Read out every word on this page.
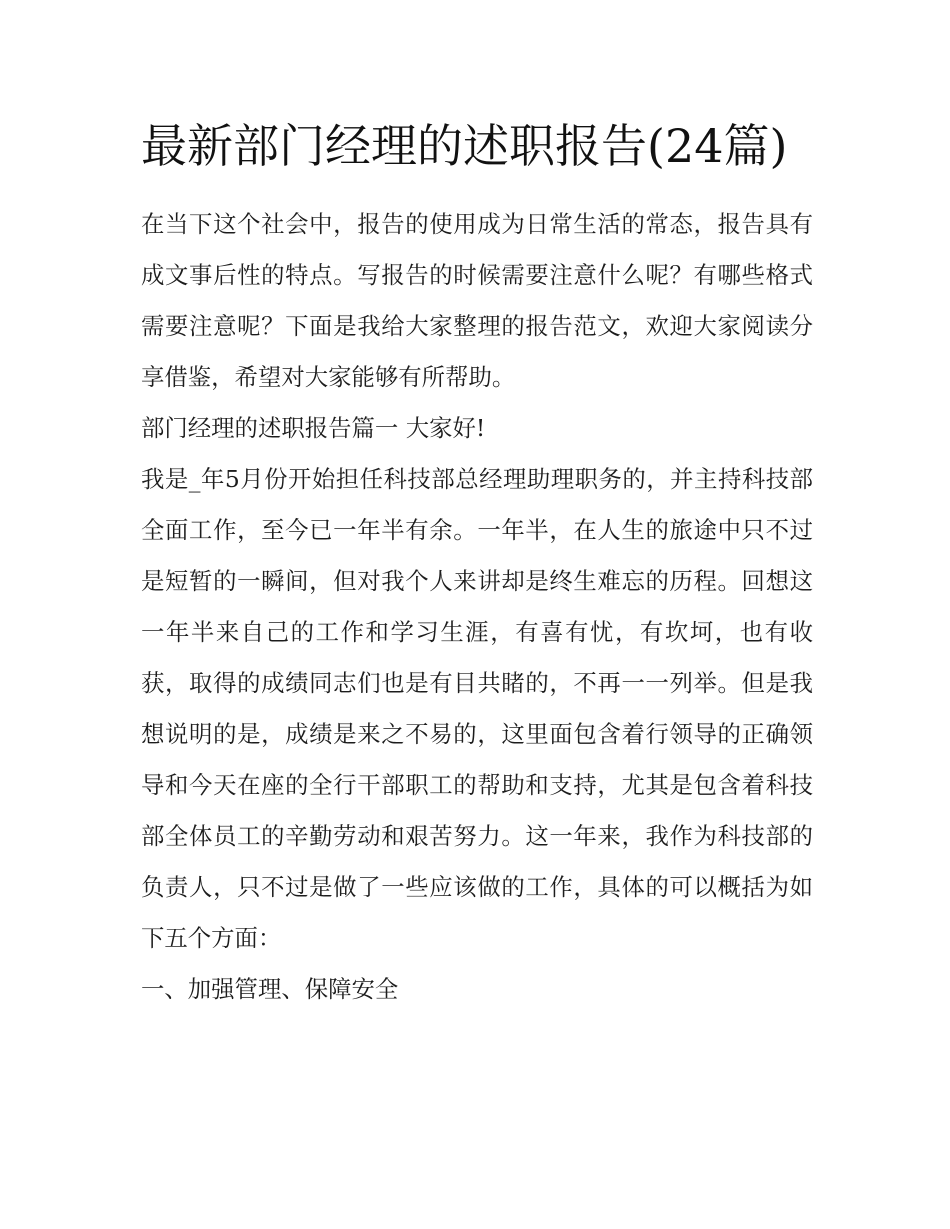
最新部门经理的述职报告(24篇)

在当下这个社会中，报告的使用成为日常生活的常态，报告具有成文事后性的特点。写报告的时候需要注意什么呢？有哪些格式需要注意呢？下面是我给大家整理的报告范文，欢迎大家阅读分享借鉴，希望对大家能够有所帮助。

部门经理的述职报告篇一 大家好!

我是_年5月份开始担任科技部总经理助理职务的，并主持科技部全面工作，至今已一年半有余。一年半，在人生的旅途中只不过是短暂的一瞬间，但对我个人来讲却是终生难忘的历程。回想这一年半来自己的工作和学习生涯，有喜有忧，有坎坷，也有收获，取得的成绩同志们也是有目共睹的，不再一一列举。但是我想说明的是，成绩是来之不易的，这里面包含着行领导的正确领导和今天在座的全行干部职工的帮助和支持，尤其是包含着科技部全体员工的辛勤劳动和艰苦努力。这一年来，我作为科技部的负责人，只不过是做了一些应该做的工作，具体的可以概括为如下五个方面：

一、加强管理、保障安全
